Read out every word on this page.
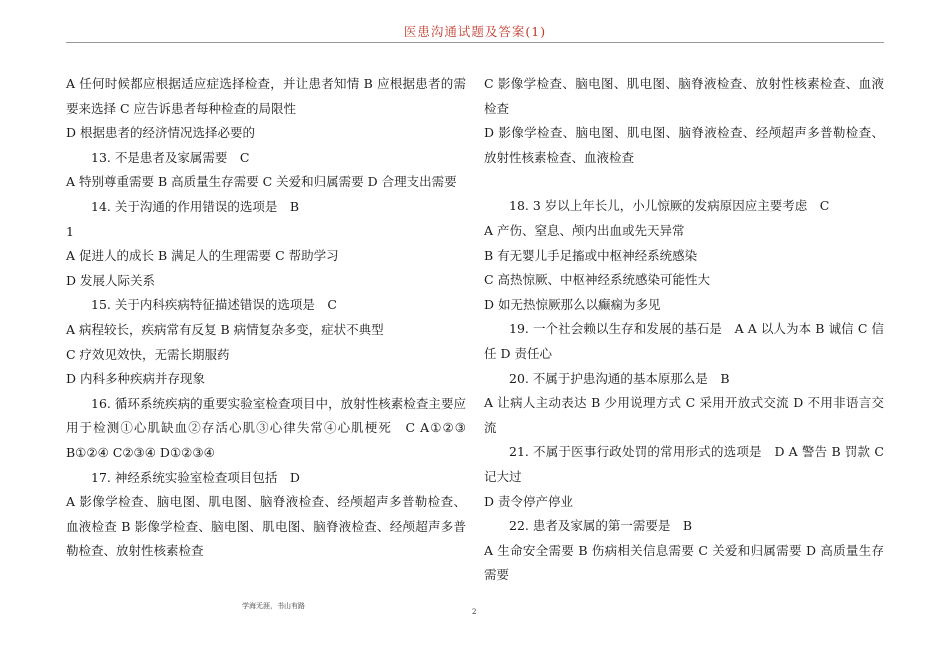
医患沟通试题及答案(1)

A 任何时候都应根据适应症选择检查，并让患者知情 B 应根据患者的需要来选择 C 应告诉患者每种检查的局限性

D 根据患者的经济情况选择必要的

13. 不是患者及家属需要　C

A 特别尊重需要 B 高质量生存需要 C 关爱和归属需要 D 合理支出需要

14. 关于沟通的作用错误的选项是　B

1

A 促进人的成长 B 满足人的生理需要 C 帮助学习

D 发展人际关系

15. 关于内科疾病特征描述错误的选项是　C

A 病程较长，疾病常有反复 B 病情复杂多变，症状不典型

C 疗效见效快，无需长期服药

D 内科多种疾病并存现象

16. 循环系统疾病的重要实验室检查项目中，放射性核素检查主要应用于检测①心肌缺血②存活心肌③心律失常④心肌梗死　C A①②③ B①②④ C②③④ D①②③④

17. 神经系统实验室检查项目包括　D

A 影像学检查、脑电图、肌电图、脑脊液检查、经颅超声多普勒检查、血液检查 B 影像学检查、脑电图、肌电图、脑脊液检查、经颅超声多普勒检查、放射性核素检查

C 影像学检查、脑电图、肌电图、脑脊液检查、放射性核素检查、血液检查

D 影像学检查、脑电图、肌电图、脑脊液检查、经颅超声多普勒检查、放射性核素检查、血液检查

18. 3 岁以上年长儿，小儿惊厥的发病原因应主要考虑　C

A 产伤、窒息、颅内出血或先天异常

B 有无婴儿手足搐或中枢神经系统感染

C 高热惊厥、中枢神经系统感染可能性大

D 如无热惊厥那么以癫痫为多见

19. 一个社会赖以生存和发展的基石是　A A 以人为本 B 诚信 C 信任 D 责任心

20. 不属于护患沟通的基本原那么是　B

A 让病人主动表达 B 少用说理方式 C 采用开放式交流 D 不用非语言交流

21. 不属于医事行政处罚的常用形式的选项是　D A 警告 B 罚款 C 记大过

D 责令停产停业

22. 患者及家属的第一需要是　B

A 生命安全需要 B 伤病相关信息需要 C 关爱和归属需要 D 高质量生存需要

学海无涯，书山有路
2
